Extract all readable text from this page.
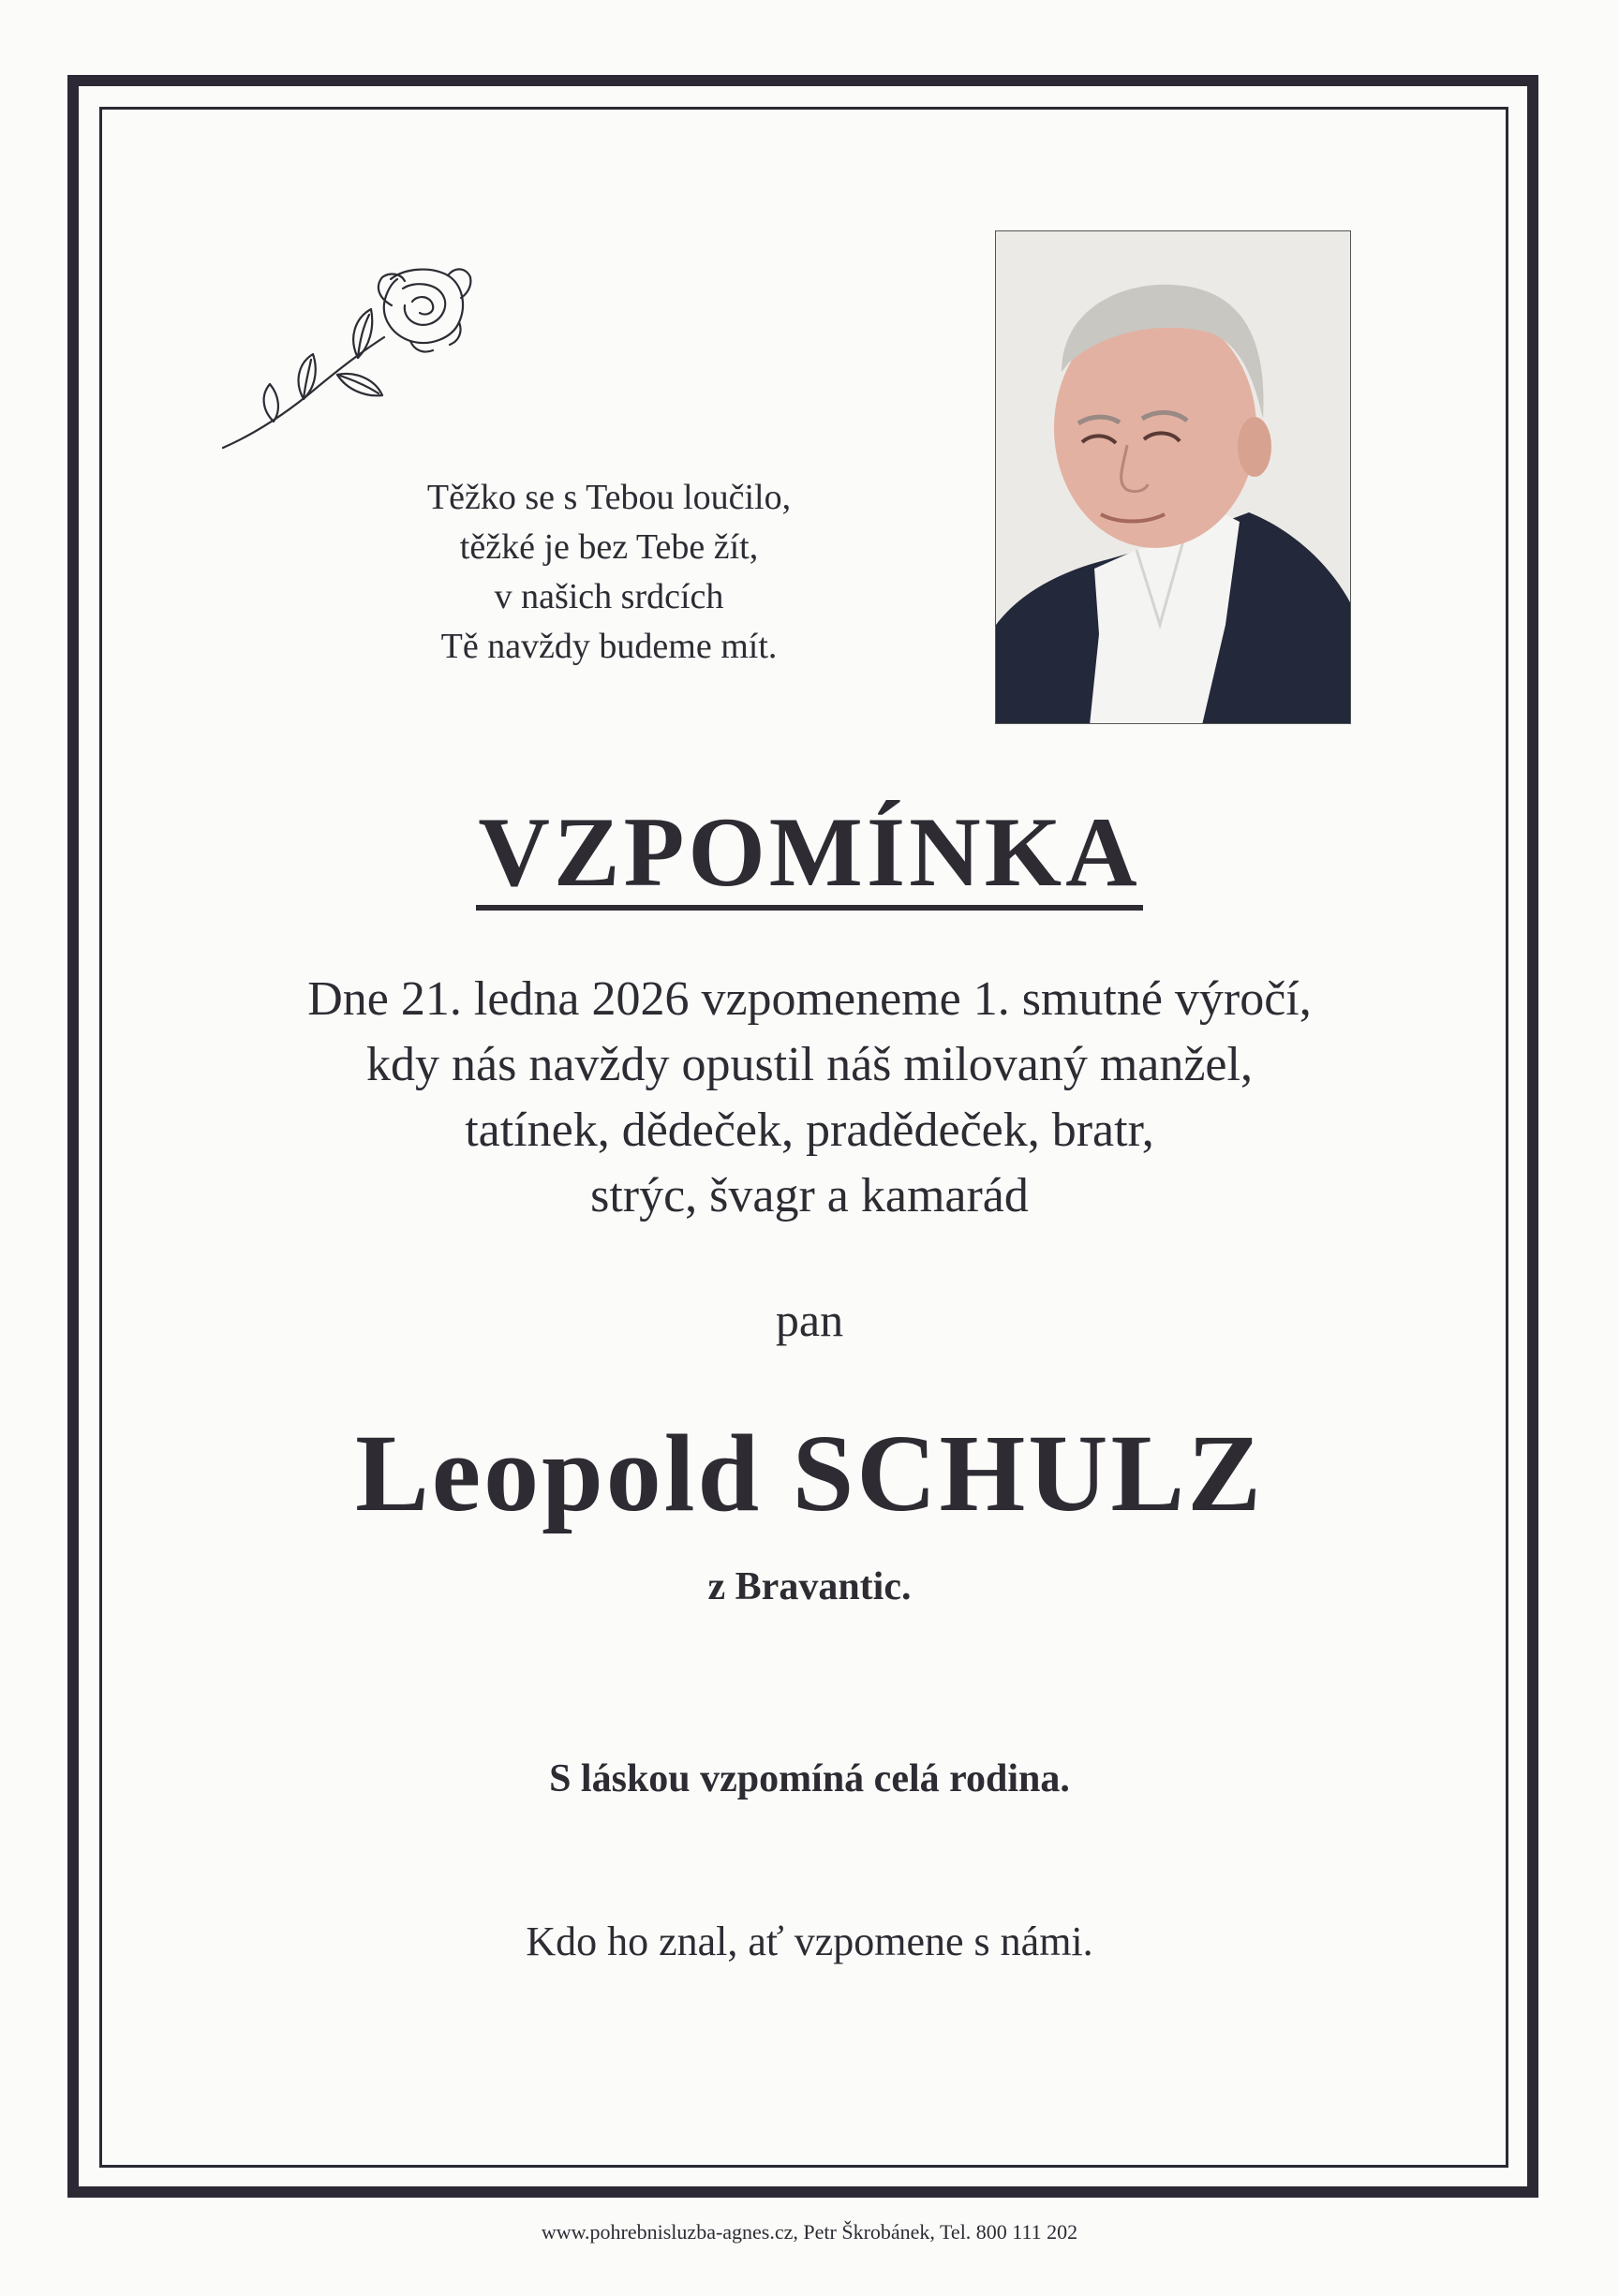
Těžko se s Tebou loučilo,
těžké je bez Tebe žít,
v našich srdcích
Tě navždy budeme mít.
VZPOMÍNKA
Dne 21. ledna 2026 vzpomeneme 1. smutné výročí,
kdy nás navždy opustil náš milovaný manžel,
tatínek, dědeček, pradědeček, bratr,
strýc, švagr a kamarád
pan
Leopold SCHULZ
z Bravantic.
S láskou vzpomíná celá rodina.
Kdo ho znal, ať vzpomene s námi.
www.pohrebnisluzba-agnes.cz, Petr Škrobánek, Tel. 800 111 202
